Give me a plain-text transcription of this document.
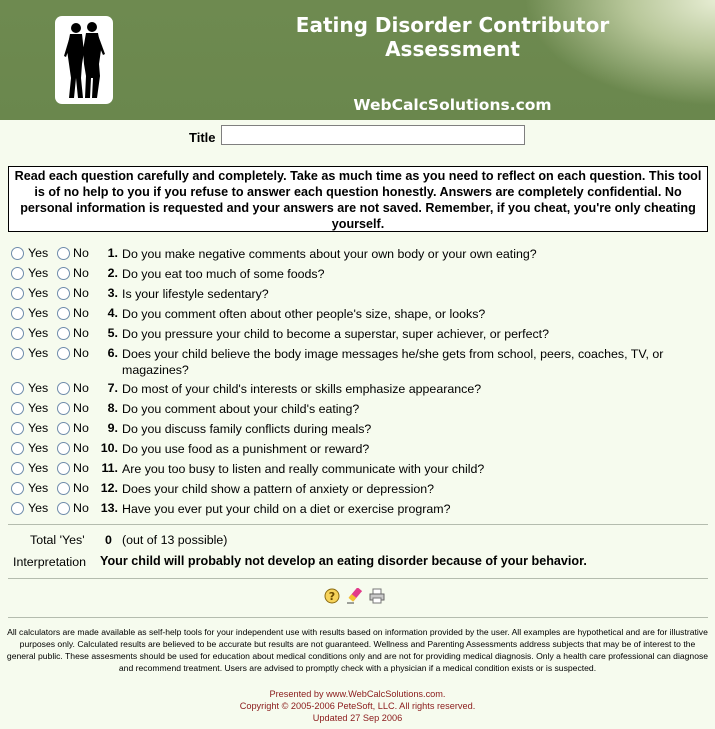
Eating Disorder Contributor
Assessment
WebCalcSolutions.com
Title
Read each question carefully and completely. Take as much time as you need to reflect on each question. This tool is of no help to you if you refuse to answer each question honestly. Answers are completely confidential. No personal information is requested and your answers are not saved. Remember, if you cheat, you're only cheating yourself.
Yes No	1. Do you make negative comments about your own body or your own eating?
Yes No	2. Do you eat too much of some foods?
Yes No	3. Is your lifestyle sedentary?
Yes No	4. Do you comment often about other people's size, shape, or looks?
Yes No	5. Do you pressure your child to become a superstar, super achiever, or perfect?
Yes No	6. Does your child believe the body image messages he/she gets from school, peers, coaches, TV, or magazines?
Yes No	7. Do most of your child's interests or skills emphasize appearance?
Yes No	8. Do you comment about your child's eating?
Yes No	9. Do you discuss family conflicts during meals?
Yes No 10. Do you use food as a punishment or reward?
Yes No	11. Are you too busy to listen and really communicate with your child?
Yes No 12. Does your child show a pattern of anxiety or depression?
Yes No 13. Have you ever put your child on a diet or exercise program?
Total 'Yes' 0 (out of 13 possible)
Interpretation Your child will probably not develop an eating disorder because of your behavior.
?
All calculators are made available as self-help tools for your independent use with results based on information provided by the user. All examples are hypothetical and are for illustrative purposes only. Calculated results are believed to be accurate but results are not guaranteed. Wellness and Parenting Assessments address subjects that may be of interest to the general public. These assesments should be used for education about medical conditions only and are not for providing medical diagnosis. Only a health care professional can diagnose and recommend treatment. Users are advised to promptly check with a physician if a medical condition exists or is suspected.
Presented by www.WebCalcSolutions.com.
Copyright © 2005-2006 PeteSoft, LLC. All rights reserved.
Updated 27 Sep 2006
